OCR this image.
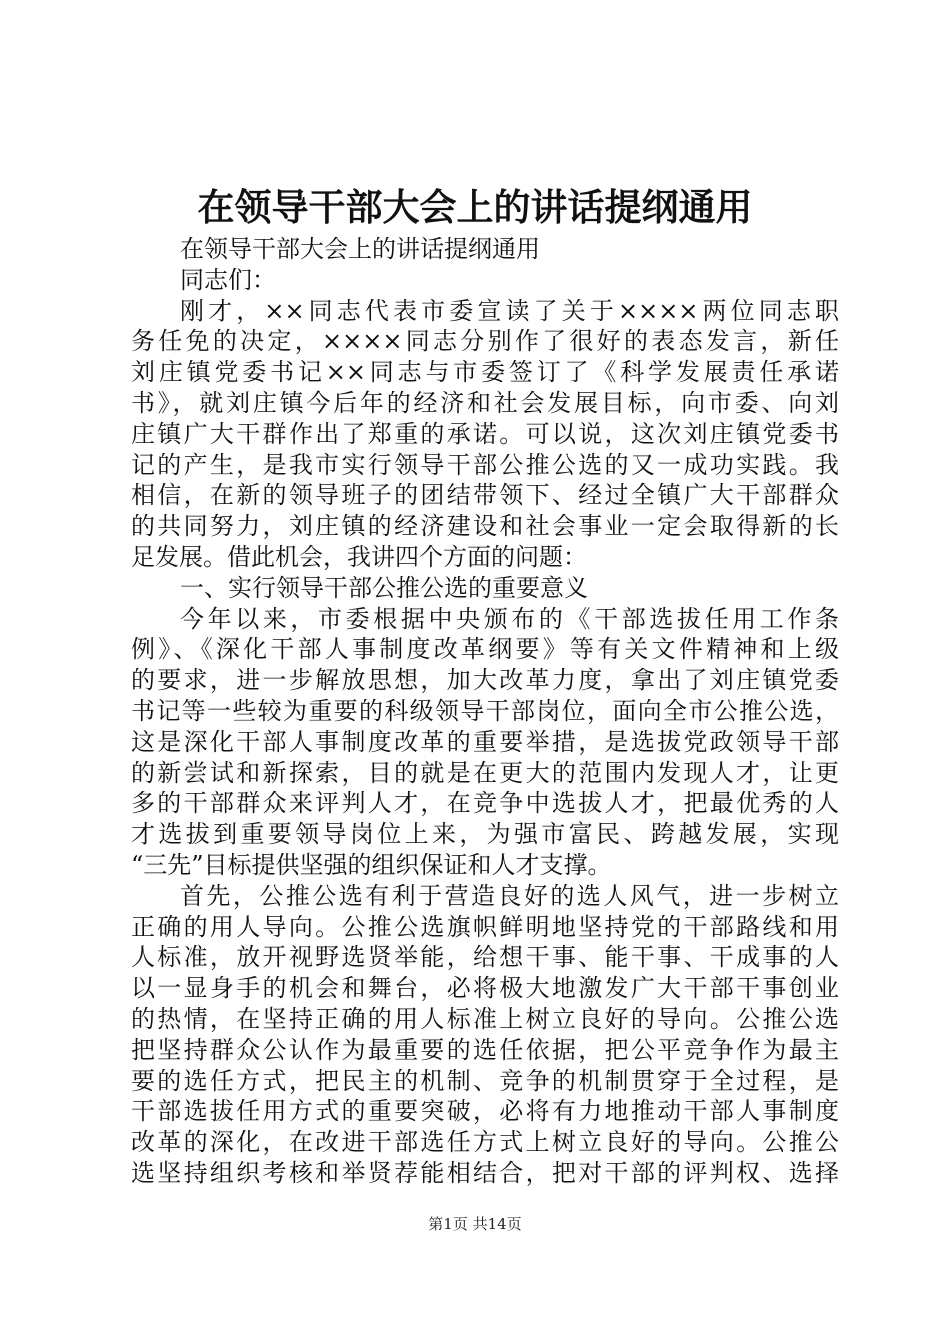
在领导干部大会上的讲话提纲通用
在领导干部大会上的讲话提纲通用
同志们：
刚才，××同志代表市委宣读了关于××××两位同志职
务任免的决定，××××同志分别作了很好的表态发言，新任
刘庄镇党委书记××同志与市委签订了《科学发展责任承诺
书》，就刘庄镇今后年的经济和社会发展目标，向市委、向刘
庄镇广大干群作出了郑重的承诺。可以说，这次刘庄镇党委书
记的产生，是我市实行领导干部公推公选的又一成功实践。我
相信，在新的领导班子的团结带领下、经过全镇广大干部群众
的共同努力，刘庄镇的经济建设和社会事业一定会取得新的长
足发展。借此机会，我讲四个方面的问题：
一、实行领导干部公推公选的重要意义
今年以来，市委根据中央颁布的《干部选拔任用工作条
例》、《深化干部人事制度改革纲要》等有关文件精神和上级
的要求，进一步解放思想，加大改革力度，拿出了刘庄镇党委
书记等一些较为重要的科级领导干部岗位，面向全市公推公选，
这是深化干部人事制度改革的重要举措，是选拔党政领导干部
的新尝试和新探索，目的就是在更大的范围内发现人才，让更
多的干部群众来评判人才，在竞争中选拔人才，把最优秀的人
才选拔到重要领导岗位上来，为强市富民、跨越发展，实现
“三先”目标提供坚强的组织保证和人才支撑。
首先，公推公选有利于营造良好的选人风气，进一步树立
正确的用人导向。公推公选旗帜鲜明地坚持党的干部路线和用
人标准，放开视野选贤举能，给想干事、能干事、干成事的人
以一显身手的机会和舞台，必将极大地激发广大干部干事创业
的热情，在坚持正确的用人标准上树立良好的导向。公推公选
把坚持群众公认作为最重要的选任依据，把公平竞争作为最主
要的选任方式，把民主的机制、竞争的机制贯穿于全过程，是
干部选拔任用方式的重要突破，必将有力地推动干部人事制度
改革的深化，在改进干部选任方式上树立良好的导向。公推公
选坚持组织考核和举贤荐能相结合，把对干部的评判权、选择
第1页 共14页
